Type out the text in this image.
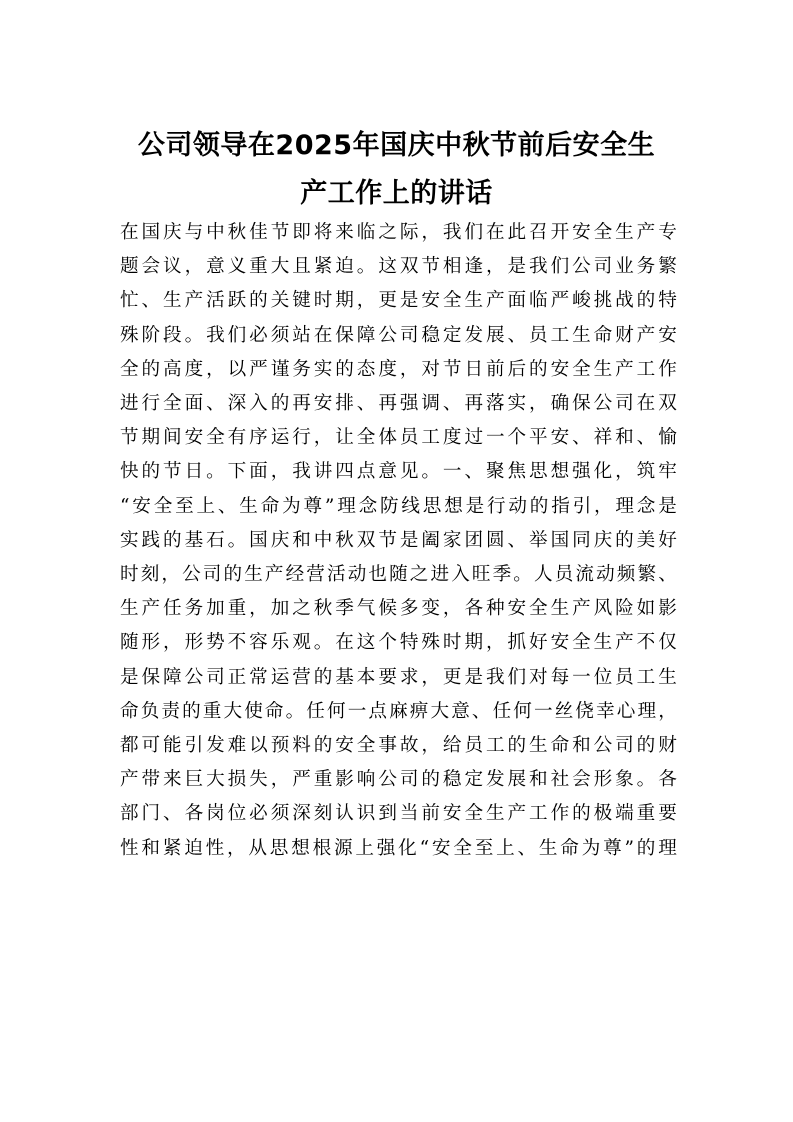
公司领导在2025年国庆中秋节前后安全生
产工作上的讲话
在国庆与中秋佳节即将来临之际，我们在此召开安全生产专
题会议，意义重大且紧迫。这双节相逢，是我们公司业务繁
忙、生产活跃的关键时期，更是安全生产面临严峻挑战的特
殊阶段。我们必须站在保障公司稳定发展、员工生命财产安
全的高度，以严谨务实的态度，对节日前后的安全生产工作
进行全面、深入的再安排、再强调、再落实，确保公司在双
节期间安全有序运行，让全体员工度过一个平安、祥和、愉
快的节日。下面，我讲四点意见。一、聚焦思想强化，筑牢
“安全至上、生命为尊”理念防线思想是行动的指引，理念是
实践的基石。国庆和中秋双节是阖家团圆、举国同庆的美好
时刻，公司的生产经营活动也随之进入旺季。人员流动频繁、
生产任务加重，加之秋季气候多变，各种安全生产风险如影
随形，形势不容乐观。在这个特殊时期，抓好安全生产不仅
是保障公司正常运营的基本要求，更是我们对每一位员工生
命负责的重大使命。任何一点麻痹大意、任何一丝侥幸心理，
都可能引发难以预料的安全事故，给员工的生命和公司的财
产带来巨大损失，严重影响公司的稳定发展和社会形象。各
部门、各岗位必须深刻认识到当前安全生产工作的极端重要
性和紧迫性，从思想根源上强化“安全至上、生命为尊”的理
